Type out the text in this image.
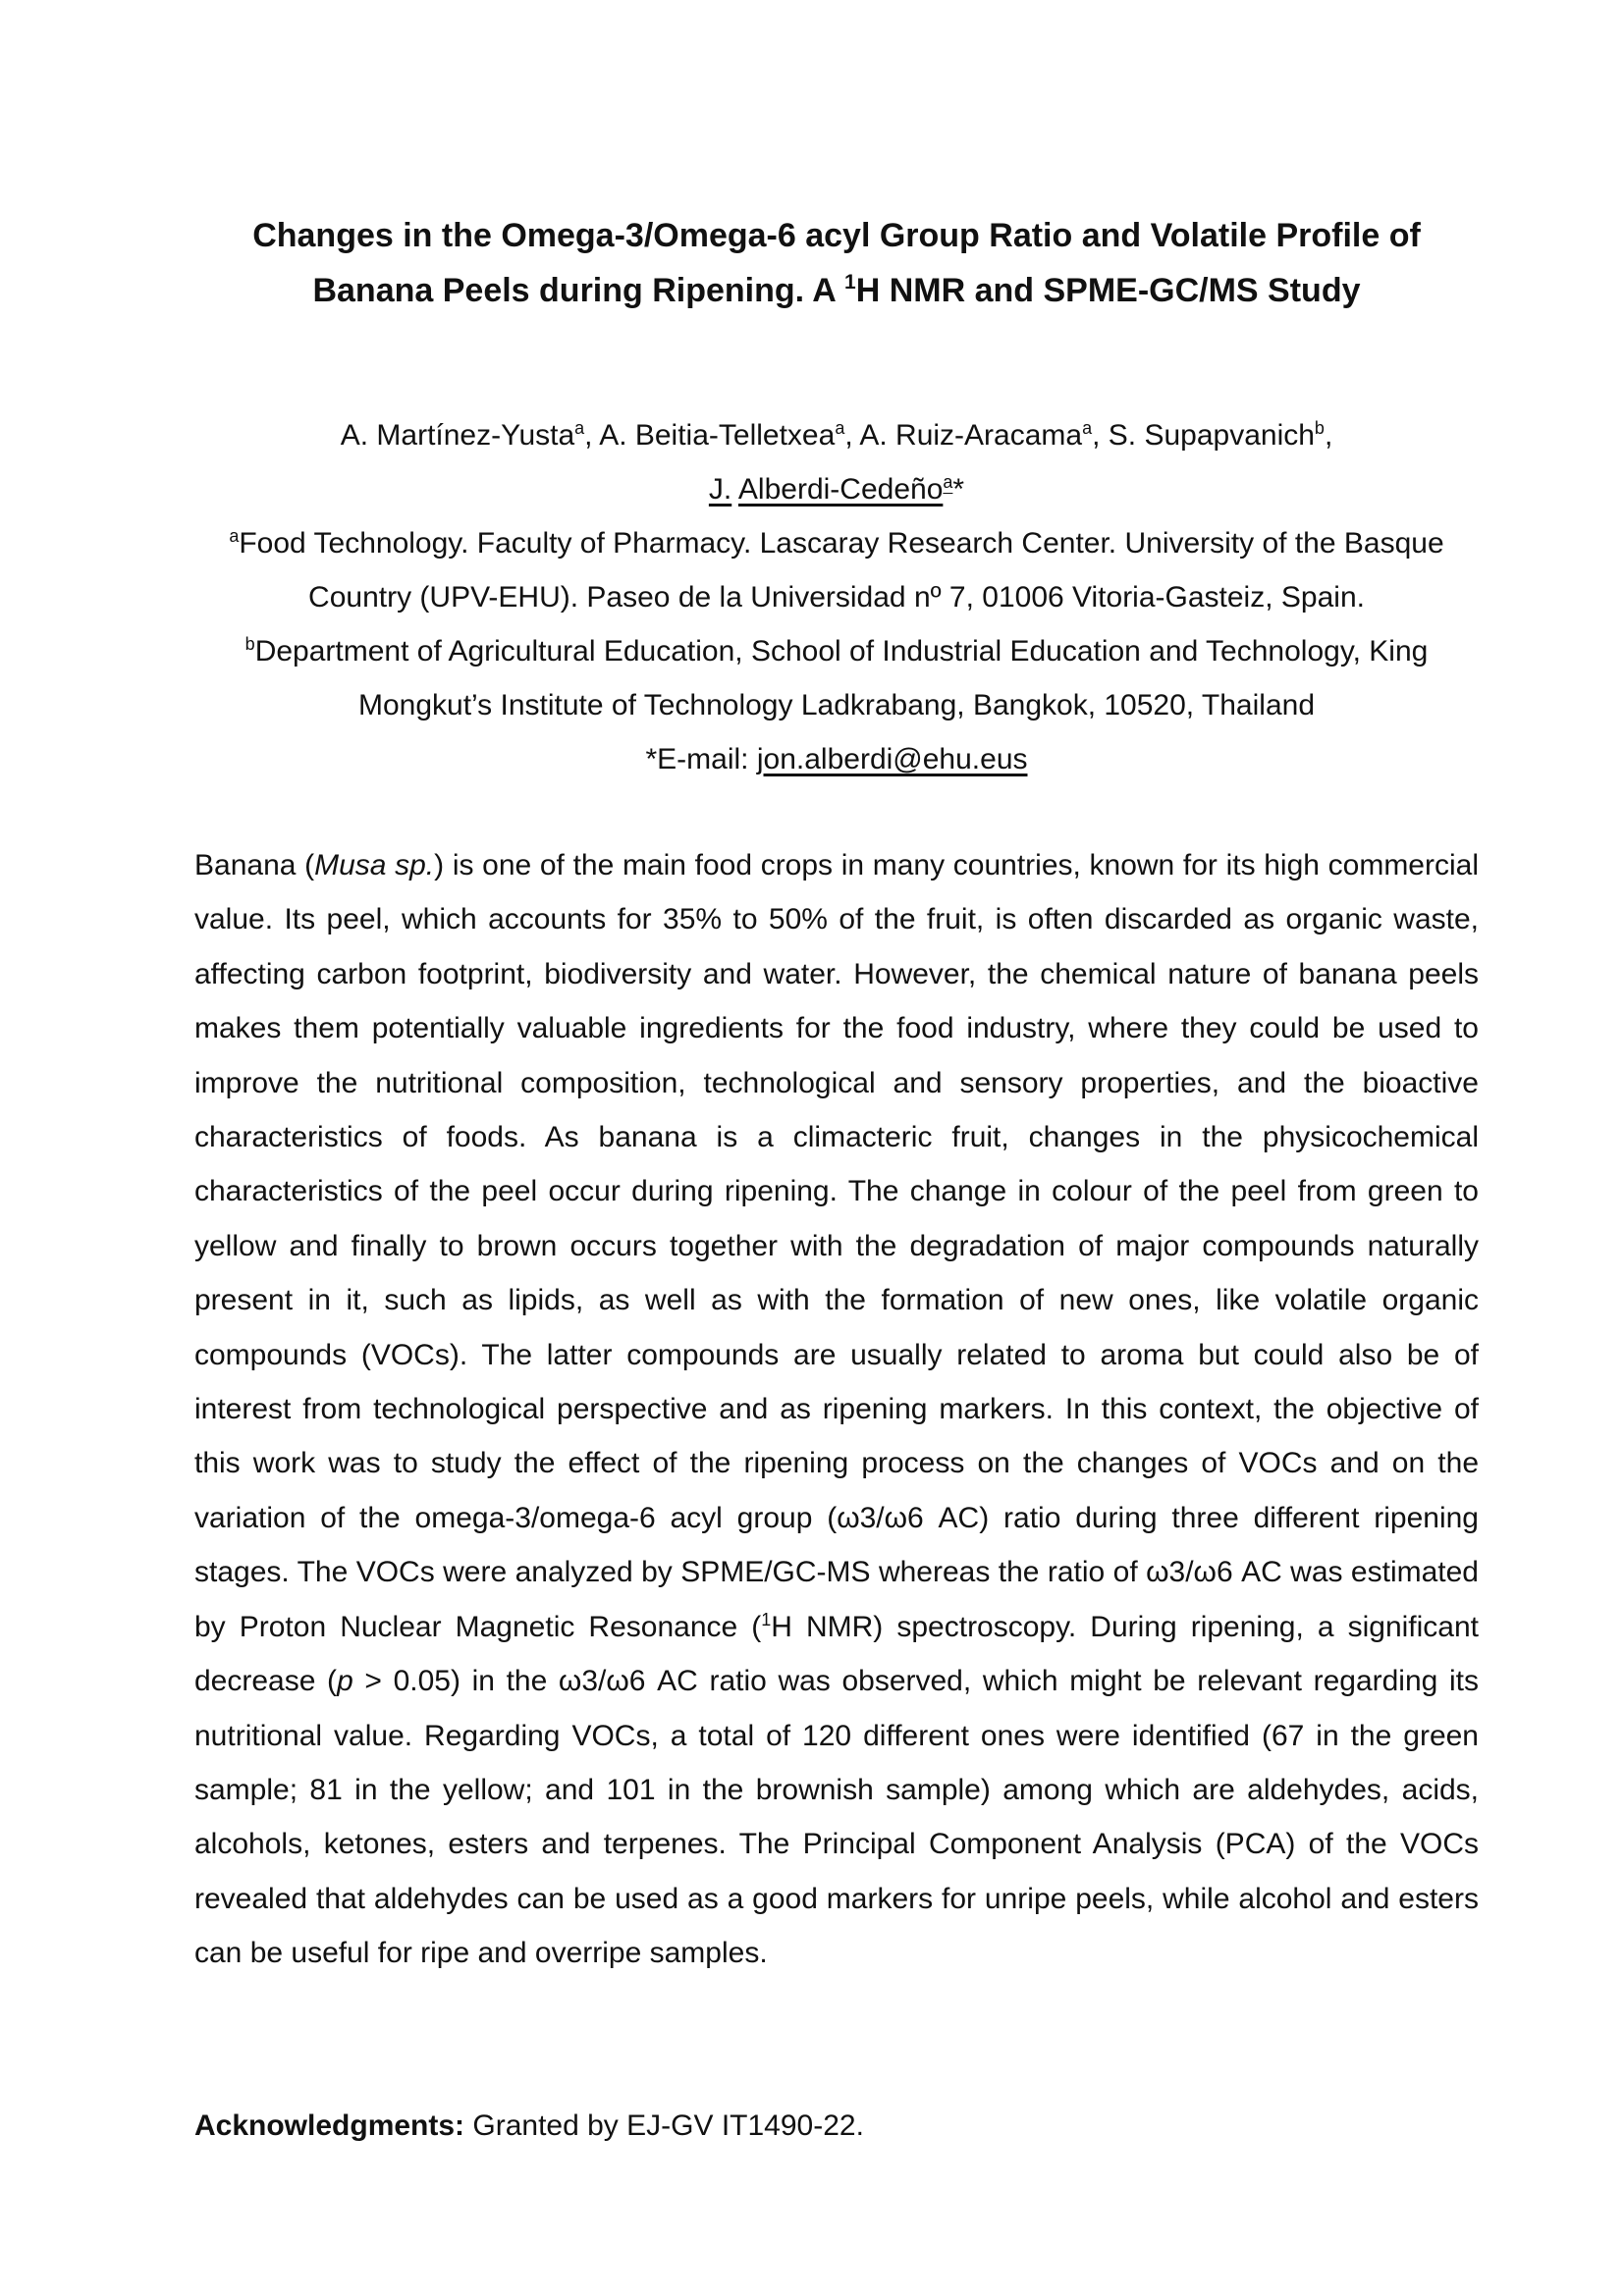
Changes in the Omega-3/Omega-6 acyl Group Ratio and Volatile Profile of Banana Peels during Ripening. A $^1$H NMR and SPME-GC/MS Study
A. Martínez-Yusta$^a$, A. Beitia-Telletxea$^a$, A. Ruiz-Aracama$^a$, S. Supapvanich$^b$,
J. Alberdi-Cedeño$^a$*
$^a$Food Technology. Faculty of Pharmacy. Lascaray Research Center. University of the Basque Country (UPV-EHU). Paseo de la Universidad nº 7, 01006 Vitoria-Gasteiz, Spain.
$^b$Department of Agricultural Education, School of Industrial Education and Technology, King Mongkut’s Institute of Technology Ladkrabang, Bangkok, 10520, Thailand
*E-mail: jon.alberdi@ehu.eus

Banana (Musa sp.) is one of the main food crops in many countries, known for its high commercial value. Its peel, which accounts for 35% to 50% of the fruit, is often discarded as organic waste, affecting carbon footprint, biodiversity and water. However, the chemical nature of banana peels makes them potentially valuable ingredients for the food industry, where they could be used to improve the nutritional composition, technological and sensory properties, and the bioactive characteristics of foods. As banana is a climacteric fruit, changes in the physicochemical characteristics of the peel occur during ripening. The change in colour of the peel from green to yellow and finally to brown occurs together with the degradation of major compounds naturally present in it, such as lipids, as well as with the formation of new ones, like volatile organic compounds (VOCs). The latter compounds are usually related to aroma but could also be of interest from technological perspective and as ripening markers. In this context, the objective of this work was to study the effect of the ripening process on the changes of VOCs and on the variation of the omega-3/omega-6 acyl group (ω3/ω6 AC) ratio during three different ripening stages. The VOCs were analyzed by SPME/GC-MS whereas the ratio of ω3/ω6 AC was estimated by Proton Nuclear Magnetic Resonance ($^1$H NMR) spectroscopy. During ripening, a significant decrease (p > 0.05) in the ω3/ω6 AC ratio was observed, which might be relevant regarding its nutritional value. Regarding VOCs, a total of 120 different ones were identified (67 in the green sample; 81 in the yellow; and 101 in the brownish sample) among which are aldehydes, acids, alcohols, ketones, esters and terpenes. The Principal Component Analysis (PCA) of the VOCs revealed that aldehydes can be used as a good markers for unripe peels, while alcohol and esters can be useful for ripe and overripe samples.

Acknowledgments: Granted by EJ-GV IT1490-22.
